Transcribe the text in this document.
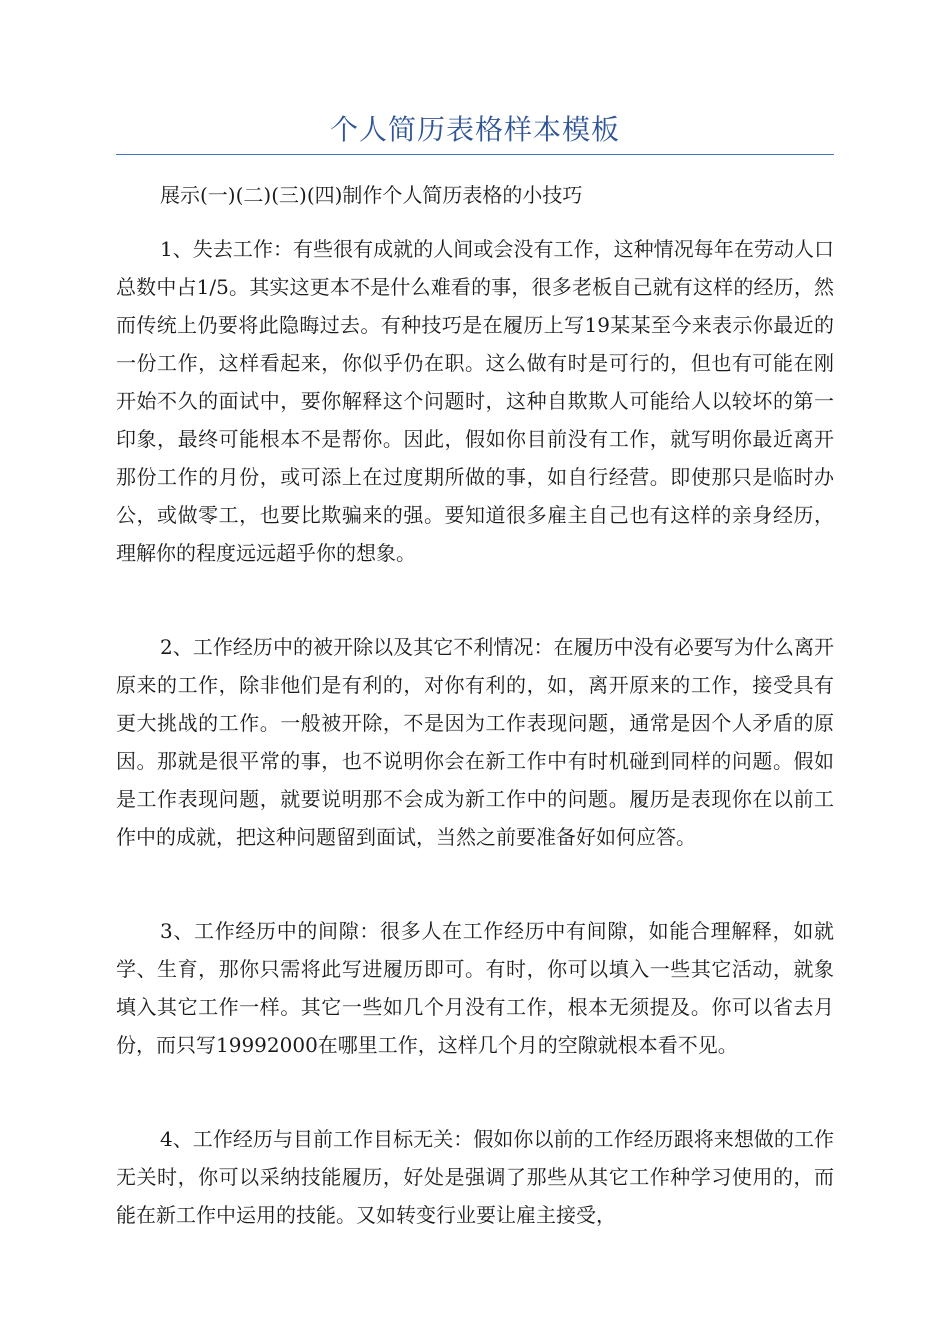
个人简历表格样本模板
展示(一)(二)(三)(四)制作个人简历表格的小技巧
1、失去工作：有些很有成就的人间或会没有工作，这种情况每年在劳动人口总数中占1/5。其实这更本不是什么难看的事，很多老板自己就有这样的经历，然而传统上仍要将此隐晦过去。有种技巧是在履历上写19某某至今来表示你最近的一份工作，这样看起来，你似乎仍在职。这么做有时是可行的，但也有可能在刚开始不久的面试中，要你解释这个问题时，这种自欺欺人可能给人以较坏的第一印象，最终可能根本不是帮你。因此，假如你目前没有工作，就写明你最近离开那份工作的月份，或可添上在过度期所做的事，如自行经营。即使那只是临时办公，或做零工，也要比欺骗来的强。要知道很多雇主自己也有这样的亲身经历，理解你的程度远远超乎你的想象。
2、工作经历中的被开除以及其它不利情况：在履历中没有必要写为什么离开原来的工作，除非他们是有利的，对你有利的，如，离开原来的工作，接受具有更大挑战的工作。一般被开除，不是因为工作表现问题，通常是因个人矛盾的原因。那就是很平常的事，也不说明你会在新工作中有时机碰到同样的问题。假如是工作表现问题，就要说明那不会成为新工作中的问题。履历是表现你在以前工作中的成就，把这种问题留到面试，当然之前要准备好如何应答。
3、工作经历中的间隙：很多人在工作经历中有间隙，如能合理解释，如就学、生育，那你只需将此写进履历即可。有时，你可以填入一些其它活动，就象填入其它工作一样。其它一些如几个月没有工作，根本无须提及。你可以省去月份，而只写19992000在哪里工作，这样几个月的空隙就根本看不见。
4、工作经历与目前工作目标无关：假如你以前的工作经历跟将来想做的工作无关时，你可以采纳技能履历，好处是强调了那些从其它工作种学习使用的，而能在新工作中运用的技能。又如转变行业要让雇主接受，
